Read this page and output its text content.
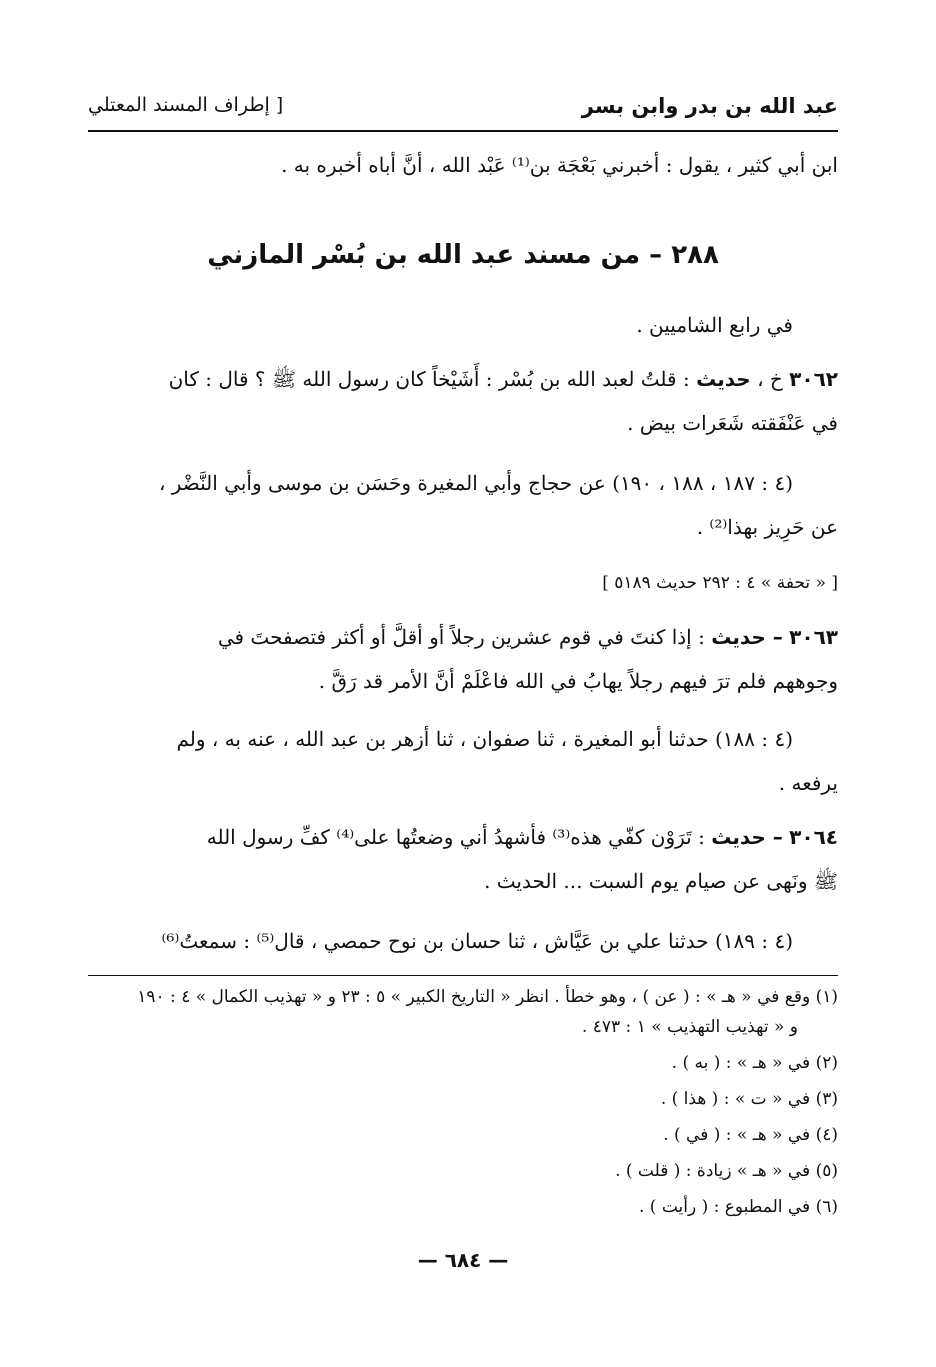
عبد الله بن بدر وابن بسر
[ إطراف المسند المعتلي
ابن أبي كثير ، يقول : أخبرني بَعْجَة بن⁽¹⁾ عَبْد الله ، أنَّ أباه أخبره به .
٢٨٨ – من مسند عبد الله بن بُسْر المازني
في رابع الشاميين .
٣٠٦٢ خ ، حديث : قلتُ لعبد الله بن بُسْر : أَشَيْخاً كان رسول الله ﷺ ؟ قال : كان
في عَنْفَقته شَعَرات بيض .
(٤ : ١٨٧ ، ١٨٨ ، ١٩٠) عن حجاج وأبي المغيرة وحَسَن بن موسى وأبي النَّضْر ،
عن حَرِيز بهذا⁽²⁾ .
[ « تحفة » ٤ : ٢٩٢ حديث ٥١٨٩ ]
٣٠٦٣ – حديث : إذا كنتَ في قوم عشرين رجلاً أو أقلَّ أو أكثر فتصفحتَ في
وجوههم فلم ترَ فيهم رجلاً يهابُ في الله فاعْلَمْ أنَّ الأمر قد رَقَّ .
(٤ : ١٨٨) حدثنا أبو المغيرة ، ثنا صفوان ، ثنا أزهر بن عبد الله ، عنه به ، ولم
يرفعه .
٣٠٦٤ – حديث : تَرَوْن كفّي هذه⁽³⁾ فأشهدُ أني وضعتُها على⁽⁴⁾ كفِّ رسول الله
ﷺ ونَهى عن صيام يوم السبت ... الحديث .
(٤ : ١٨٩) حدثنا علي بن عَيَّاش ، ثنا حسان بن نوح حمصي ، قال⁽⁵⁾ : سمعتُ⁽⁶⁾
(١) وقع في « هـ » : ( عن ) ، وهو خطأ . انظر « التاريخ الكبير » ٥ : ٢٣ و « تهذيب الكمال » ٤ : ١٩٠
و « تهذيب التهذيب » ١ : ٤٧٣ .
(٢) في « هـ » : ( به ) .
(٣) في « ت » : ( هذا ) .
(٤) في « هـ » : ( في ) .
(٥) في « هـ » زيادة : ( قلت ) .
(٦) في المطبوع : ( رأيت ) .
— ٦٨٤ —
